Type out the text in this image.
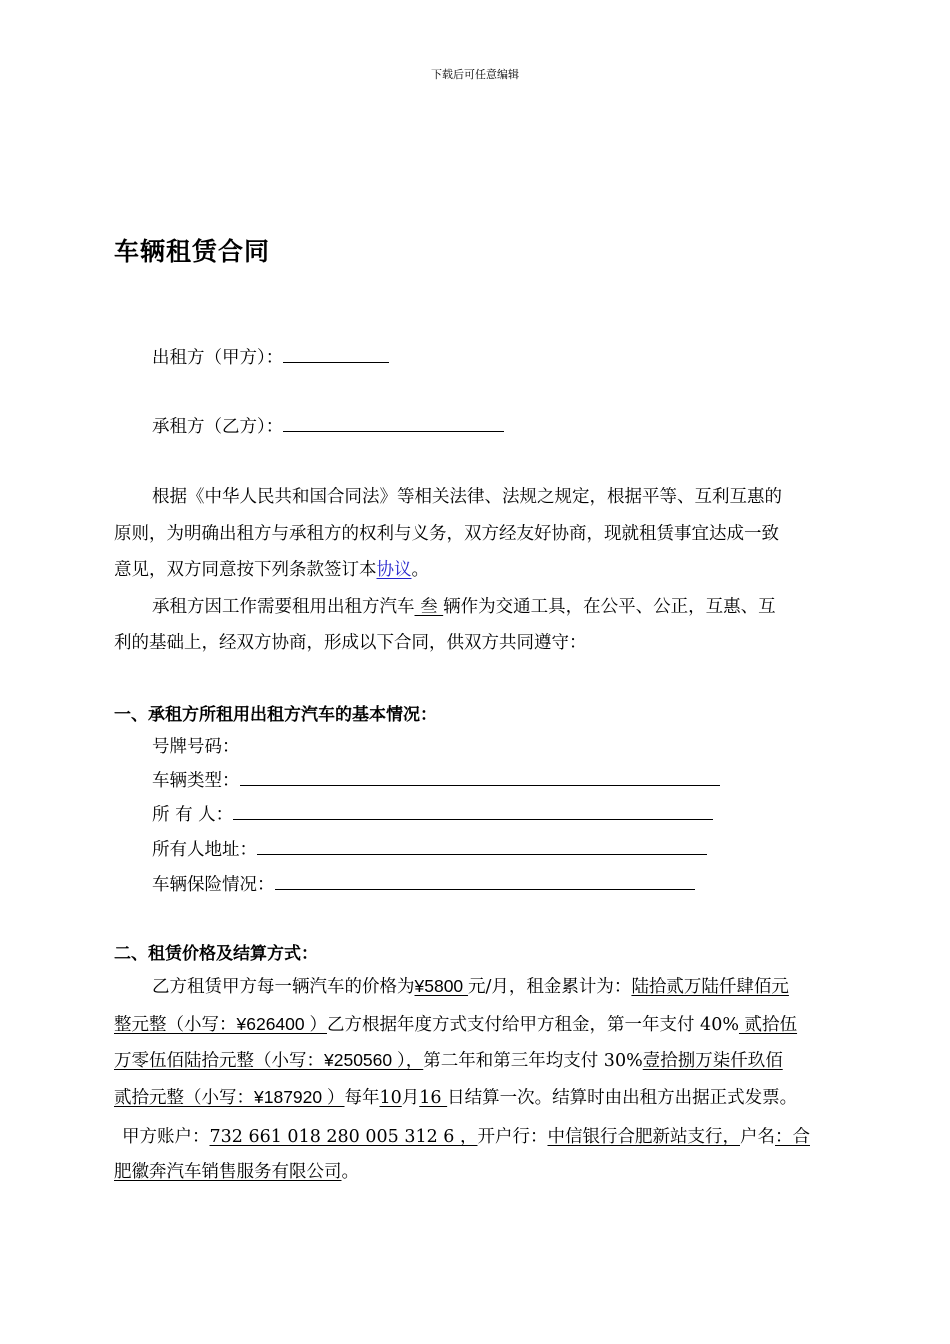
下载后可任意编辑
车辆租赁合同
出租方（甲方）：
承租方（乙方）：
根据《中华人民共和国合同法》等相关法律、法规之规定，根据平等、互利互惠的
原则，为明确出租方与承租方的权利与义务，双方经友好协商，现就租赁事宜达成一致
意见，双方同意按下列条款签订本协议。
承租方因工作需要租用出租方汽车 叁 辆作为交通工具，在公平、公正，互惠、互
利的基础上，经双方协商，形成以下合同，供双方共同遵守：
一、承租方所租用出租方汽车的基本情况：
号牌号码：
车辆类型：
所 有 人：
所有人地址：
车辆保险情况：
二、租赁价格及结算方式：
乙方租赁甲方每一辆汽车的价格为¥5800 元/月，租金累计为：陆拾贰万陆仟肆佰元
整元整（小写：¥626400 ）乙方根据年度方式支付给甲方租金，第一年支付 40% 贰拾伍
万零伍佰陆拾元整（小写：¥250560 ），第二年和第三年均支付 30%壹拾捌万柒仟玖佰
贰拾元整（小写：¥187920 ）每年10月16 日结算一次。结算时由出租方出据正式发票。
甲方账户：732 661 018 280 005 312 6 ，开户行：中信银行合肥新站支行，户名：合
肥徽奔汽车销售服务有限公司。
